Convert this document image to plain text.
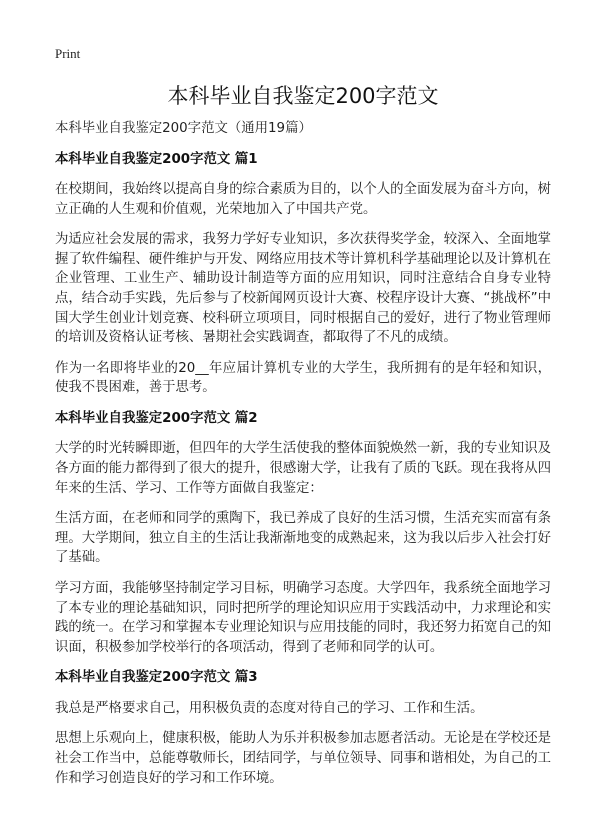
Print
本科毕业自我鉴定200字范文

本科毕业自我鉴定200字范文（通用19篇）

本科毕业自我鉴定200字范文 篇1

在校期间，我始终以提高自身的综合素质为目的，以个人的全面发展为奋斗方向，树立正确的人生观和价值观，光荣地加入了中国共产党。

为适应社会发展的需求，我努力学好专业知识，多次获得奖学金，较深入、全面地掌握了软件编程、硬件维护与开发、网络应用技术等计算机科学基础理论以及计算机在企业管理、工业生产、辅助设计制造等方面的应用知识，同时注意结合自身专业特点，结合动手实践，先后参与了校新闻网页设计大赛、校程序设计大赛、“挑战杯”中国大学生创业计划竞赛、校科研立项项目，同时根据自己的爱好，进行了物业管理师的培训及资格认证考核、暑期社会实践调查，都取得了不凡的成绩。

作为一名即将毕业的20__年应届计算机专业的大学生，我所拥有的是年轻和知识，使我不畏困难，善于思考。

本科毕业自我鉴定200字范文 篇2

大学的时光转瞬即逝，但四年的大学生活使我的整体面貌焕然一新，我的专业知识及各方面的能力都得到了很大的提升，很感谢大学，让我有了质的飞跃。现在我将从四年来的生活、学习、工作等方面做自我鉴定：

生活方面，在老师和同学的熏陶下，我已养成了良好的生活习惯，生活充实而富有条理。大学期间，独立自主的生活让我渐渐地变的成熟起来，这为我以后步入社会打好了基础。

学习方面，我能够坚持制定学习目标，明确学习态度。大学四年，我系统全面地学习了本专业的理论基础知识，同时把所学的理论知识应用于实践活动中，力求理论和实践的统一。在学习和掌握本专业理论知识与应用技能的同时，我还努力拓宽自己的知识面，积极参加学校举行的各项活动，得到了老师和同学的认可。

本科毕业自我鉴定200字范文 篇3

我总是严格要求自己，用积极负责的态度对待自己的学习、工作和生活。

思想上乐观向上，健康积极，能助人为乐并积极参加志愿者活动。无论是在学校还是社会工作当中，总能尊敬师长，团结同学，与单位领导、同事和谐相处，为自己的工作和学习创造良好的学习和工作环境。
